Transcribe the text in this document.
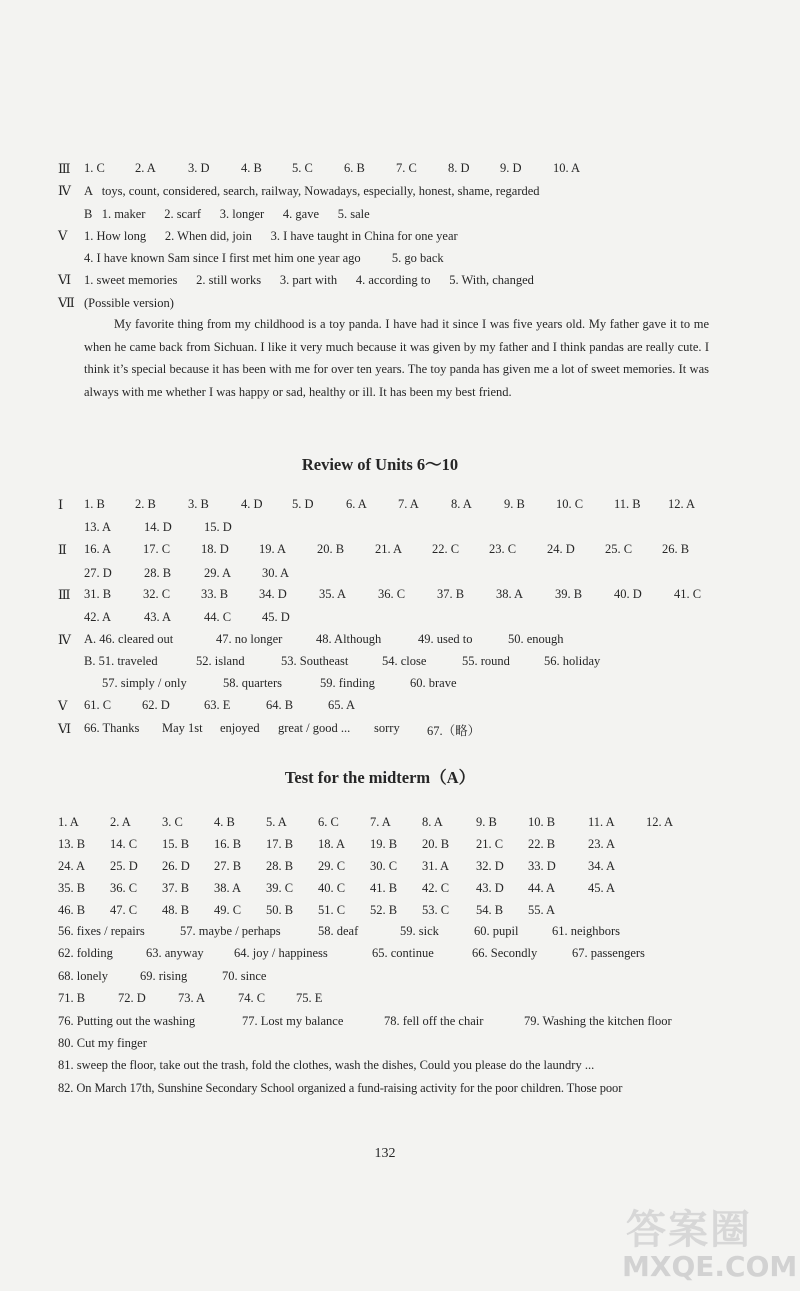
Ⅲ	1. C 2. A	3. D	4. B 5. C 6. B 7. C 8. D 9. D	10. A
Ⅳ	A   toys, count, considered, search, railway, Nowadays, especially, honest, shame, regarded
B   1. maker      2. scarf      3. longer      4. gave      5. sale
Ⅴ	1. How long      2. When did, join      3. I have taught in China for one year
4. I have known Sam since I first met him one year ago          5. go back
Ⅵ	1. sweet memories      2. still works      3. part with      4. according to      5. With, changed
Ⅶ (Possible version)

My favorite thing from my childhood is a toy panda. I have had it since I was five years old. My father gave it to me when he came back from Sichuan. I like it very much because it was given by my father and I think pandas are really cute. I think it’s special because it has been with me for over ten years. The toy panda has given me a lot of sweet memories. It was always with me whether I was happy or sad, healthy or ill. It has been my best friend.

Review of Units 6～10
Ⅰ	1. B 2. B	3. B	4. D 5. D	6. A 7. A	8. A	9. B 10. C 11. B 12. A
13. A	14. D	15. D
Ⅱ	16. A	17. C 18. D 19. A 20. B 21. A 22. C 23. C 24. D 25. C 26. B
27. D	28. B	29. A 30. A
Ⅲ	31. B	32. C 33. B 34. D	35. A	36. C	37. B	38. A	39. B	40. D	41. C
42. A	43. A	44. C 45. D
Ⅳ	A. 46. cleared out	47. no longer	48. Although	49. used to	50. enough
B. 51. traveled	52. island	53. Southeast	54. close	55. round	56. holiday
57. simply / only	58. quarters	59. finding	60. brave
Ⅴ	61. C 62. D	63. E	64. B	65. A
Ⅵ	66. Thanks May 1st enjoyed great / good ... sorry 67.（略）
Test for the midterm（A）
1. A 2. A 3. C 4. B 5. A 6. C 7. A 8. A	9. B 10. B	11. A	12. A
13. B 14. C 15. B 16. B 17. B 18. A 19. B 20. B 21. C 22. B	23. A
24. A 25. D 26. D 27. B 28. B 29. C 30. C 31. A 32. D 33. D	34. A
35. B 36. C 37. B 38. A 39. C 40. C 41. B 42. C 43. D 44. A	45. A
46. B 47. C 48. B 49. C 50. B 51. C 52. B 53. C 54. B 55. A
56. fixes / repairs	57. maybe / perhaps	58. deaf	59. sick	60. pupil	61. neighbors
62. folding	63. anyway 64. joy / happiness	65. continue	66. Secondly	67. passengers
68. lonely	69. rising	70. since
71. B	72. D	73. A	74. C 75. E
76. Putting out the washing	77. Lost my balance	78. fell off the chair	79. Washing the kitchen floor
80. Cut my finger
81. sweep the floor, take out the trash, fold the clothes, wash the dishes, Could you please do the laundry ...
82. On March 17th, Sunshine Secondary School organized a fund-raising activity for the poor children. Those poor
132
答案圈
MXQE.COM
